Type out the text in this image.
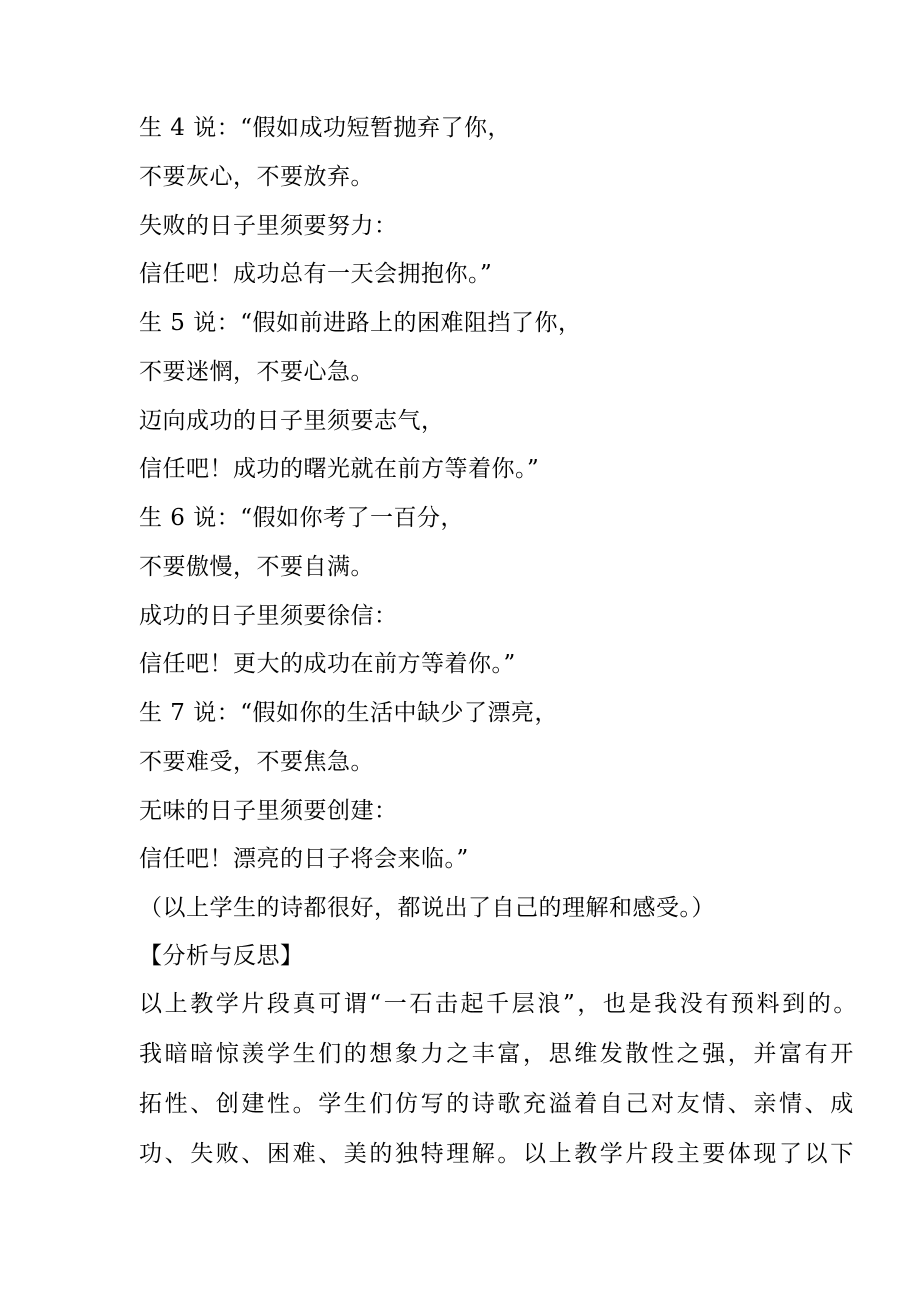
生 4 说：“假如成功短暂抛弃了你，
不要灰心，不要放弃。
失败的日子里须要努力：
信任吧！成功总有一天会拥抱你。”
生 5 说：“假如前进路上的困难阻挡了你，
不要迷惘，不要心急。
迈向成功的日子里须要志气，
信任吧！成功的曙光就在前方等着你。”
生 6 说：“假如你考了一百分，
不要傲慢，不要自满。
成功的日子里须要徐信：
信任吧！更大的成功在前方等着你。”
生 7 说：“假如你的生活中缺少了漂亮，
不要难受，不要焦急。
无味的日子里须要创建：
信任吧！漂亮的日子将会来临。”
（以上学生的诗都很好，都说出了自己的理解和感受。）
【分析与反思】
以上教学片段真可谓“一石击起千层浪”，也是我没有预料到的。
我暗暗惊羡学生们的想象力之丰富，思维发散性之强，并富有开
拓性、创建性。学生们仿写的诗歌充溢着自己对友情、亲情、成
功、失败、困难、美的独特理解。以上教学片段主要体现了以下
